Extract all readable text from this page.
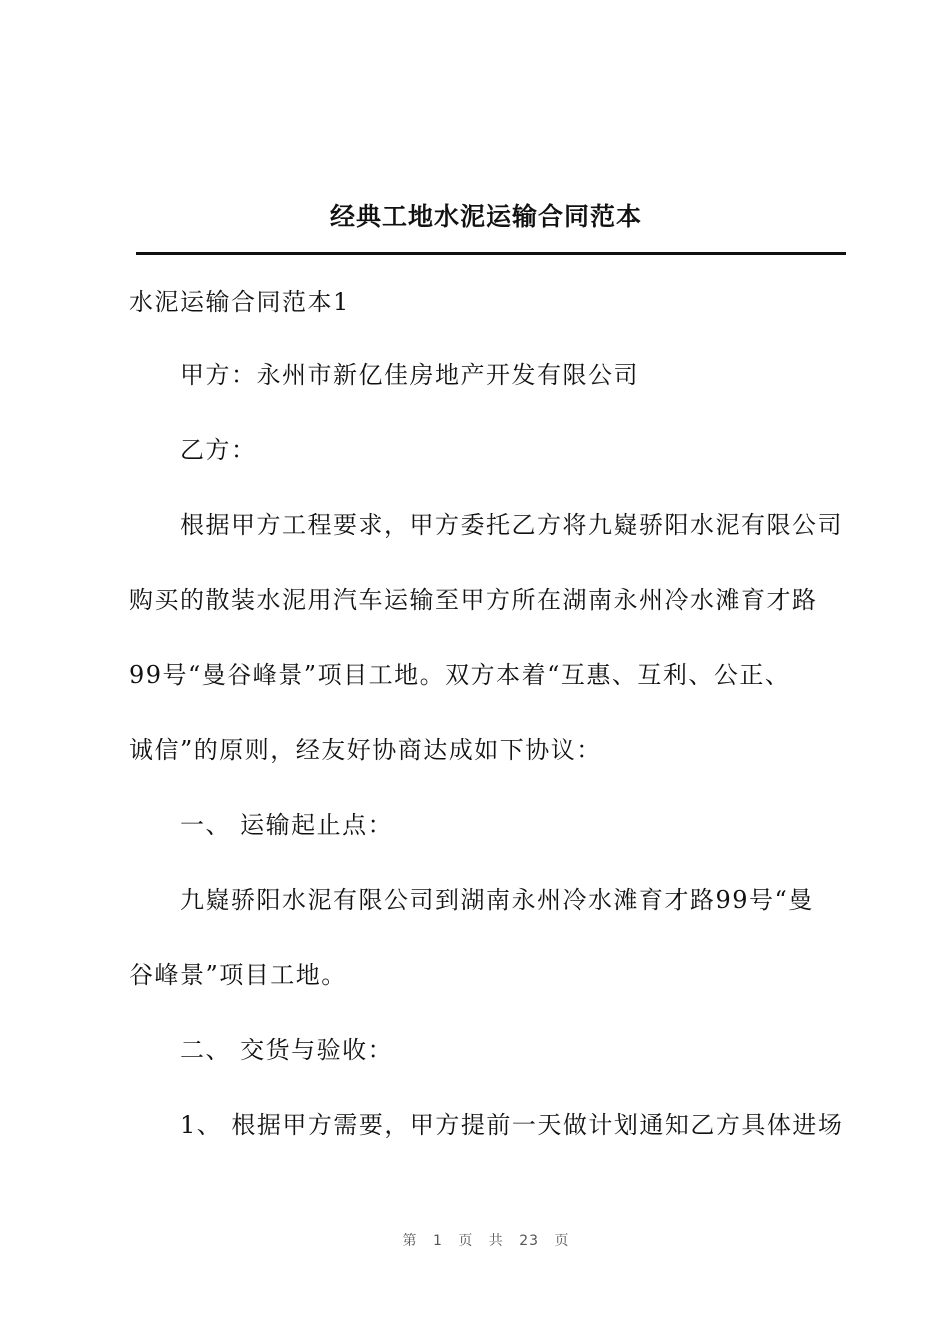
经典工地水泥运输合同范本
水泥运输合同范本1
甲方：永州市新亿佳房地产开发有限公司
乙方：
根据甲方工程要求，甲方委托乙方将九嶷骄阳水泥有限公司
购买的散装水泥用汽车运输至甲方所在湖南永州冷水滩育才路
99号“曼谷峰景”项目工地。双方本着“互惠、互利、公正、
诚信”的原则，经友好协商达成如下协议：
一、 运输起止点：
九嶷骄阳水泥有限公司到湖南永州冷水滩育才路99号“曼
谷峰景”项目工地。
二、 交货与验收：
1、 根据甲方需要，甲方提前一天做计划通知乙方具体进场
第 1 页 共 23 页
